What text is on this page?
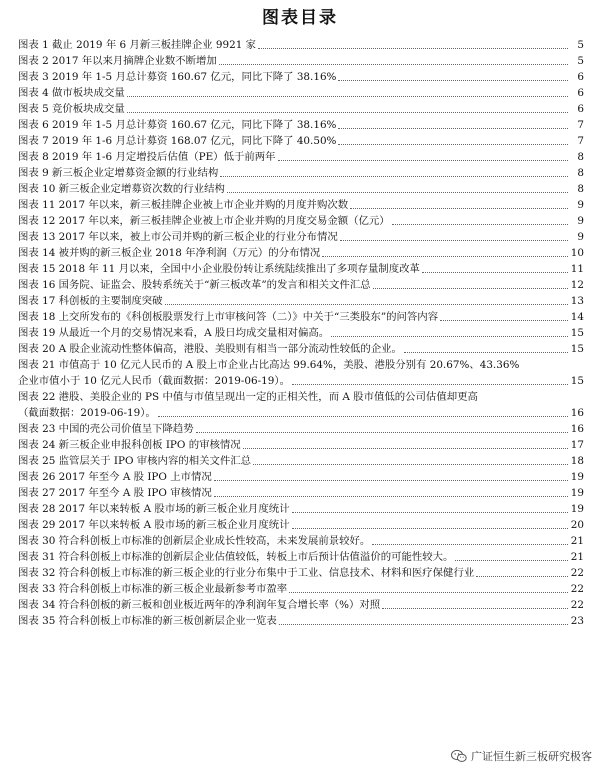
图表目录
图表 1 截止 2019 年 6 月新三板挂牌企业 9921 家	5
图表 2 2017 年以来月摘牌企业数不断增加	5
图表 3 2019 年 1-5 月总计募资 160.67 亿元，同比下降了 38.16%	6
图表 4 做市板块成交量	6
图表 5 竞价板块成交量	6
图表 6 2019 年 1-5 月总计募资 160.67 亿元，同比下降了 38.16%	7
图表 7 2019 年 1-6 月总计募资 168.07 亿元，同比下降了 40.50%	7
图表 8 2019 年 1-6 月定增投后估值（PE）低于前两年	8
图表 9 新三板企业定增募资金额的行业结构	8
图表 10 新三板企业定增募资次数的行业结构	8
图表 11 2017 年以来，新三板挂牌企业被上市企业并购的月度并购次数	9
图表 12 2017 年以来，新三板挂牌企业被上市企业并购的月度交易金额（亿元）	9
图表 13 2017 年以来，被上市公司并购的新三板企业的行业分布情况	9
图表 14 被并购的新三板企业 2018 年净利润（万元）的分布情况	10
图表 15 2018 年 11 月以来，全国中小企业股份转让系统陆续推出了多项存量制度改革	11
图表 16 国务院、证监会、股转系统关于“新三板改革”的发言和相关文件汇总	12
图表 17 科创板的主要制度突破	13
图表 18 上交所发布的《科创板股票发行上市审核问答（二）》中关于“三类股东”的问答内容	14
图表 19 从最近一个月的交易情况来看，A 股日均成交量相对偏高。	15
图表 20 A 股企业流动性整体偏高，港股、美股则有相当一部分流动性较低的企业。	15
图表 21 市值高于 10 亿元人民币的 A 股上市企业占比高达 99.64%，美股、港股分别有 20.67%、43.36%
企业市值小于 10 亿元人民币（截面数据：2019-06-19）。	15
图表 22 港股、美股企业的 PS 中值与市值呈现出一定的正相关性，而 A 股市值低的公司估值却更高
（截面数据：2019-06-19）。	16
图表 23 中国的壳公司价值呈下降趋势	16
图表 24 新三板企业申报科创板 IPO 的审核情况	17
图表 25 监管层关于 IPO 审核内容的相关文件汇总	18
图表 26 2017 年至今 A 股 IPO 上市情况	19
图表 27 2017 年至今 A 股 IPO 审核情况	19
图表 28 2017 年以来转板 A 股市场的新三板企业月度统计	19
图表 29 2017 年以来转板 A 股市场的新三板企业月度统计	20
图表 30 符合科创板上市标准的创新层企业成长性较高，未来发展前景较好。	21
图表 31 符合科创板上市标准的创新层企业估值较低，转板上市后预计估值溢价的可能性较大。	21
图表 32 符合科创板上市标准的新三板企业的行业分布集中于工业、信息技术、材料和医疗保健行业	22
图表 33 符合科创板上市标准的新三板企业最新参考市盈率	22
图表 34 符合科创板的新三板和创业板近两年的净利润年复合增长率（%）对照	22
图表 35 符合科创板上市标准的新三板创新层企业一览表	23
广证恒生新三板研究极客
